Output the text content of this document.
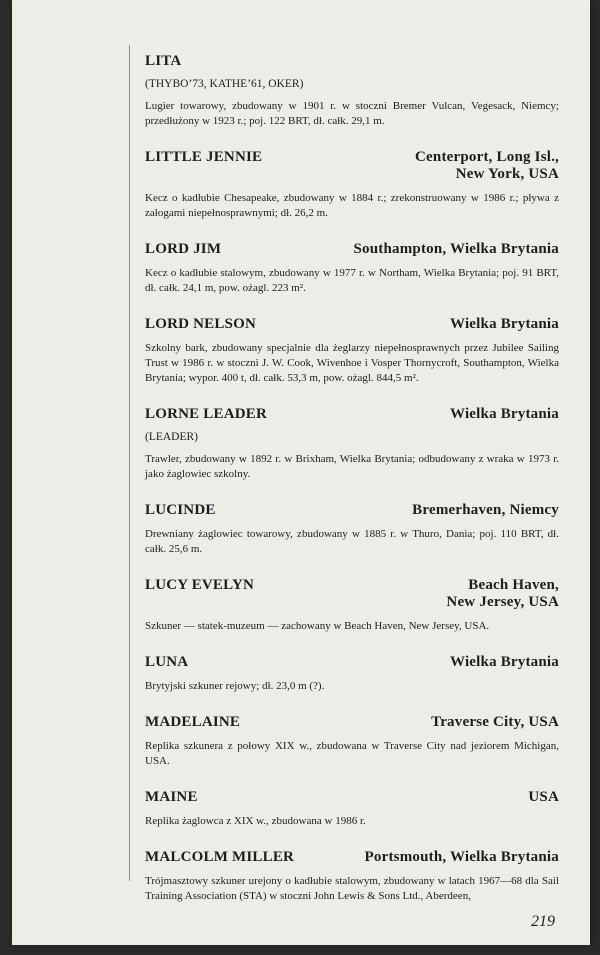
LITA
(THYBO’73, KATHE’61, OKER)
Lugier towarowy, zbudowany w 1901 r. w stoczni Bremer Vulcan, Vegesack, Niemcy; przedłużony w 1923 r.; poj. 122 BRT, dł. całk. 29,1 m.
LITTLE JENNIE	Centerport, Long Isl.,
New York, USA
Kecz o kadłubie Chesapeake, zbudowany w 1884 r.; zrekonstruowany w 1986 r.; pływa z załogami niepełnosprawnymi; dł. 26,2 m.
LORD JIM	Southampton, Wielka Brytania
Kecz o kadłubie stalowym, zbudowany w 1977 r. w Northam, Wielka Brytania; poj. 91 BRT, dł. całk. 24,1 m, pow. ożagl. 223 m².
LORD NELSON	Wielka Brytania
Szkolny bark, zbudowany specjalnie dla żeglarzy niepełnosprawnych przez Jubilee Sailing Trust w 1986 r. w stoczni J. W. Cook, Wivenhoe i Vosper Thornycroft, Southampton, Wielka Brytania; wypor. 400 t, dł. całk. 53,3 m, pow. ożagl. 844,5 m².
LORNE LEADER	Wielka Brytania
(LEADER)
Trawler, zbudowany w 1892 r. w Brixham, Wielka Brytania; odbudowany z wraka w 1973 r. jako żaglowiec szkolny.
LUCINDE	Bremerhaven, Niemcy
Drewniany żaglowiec towarowy, zbudowany w 1885 r. w Thuro, Dania; poj. 110 BRT, dł. całk. 25,6 m.
LUCY EVELYN	Beach Haven,
New Jersey, USA
Szkuner — statek-muzeum — zachowany w Beach Haven, New Jersey, USA.
LUNA	Wielka Brytania
Brytyjski szkuner rejowy; dł. 23,0 m (?).
MADELAINE	Traverse City, USA
Replika szkunera z połowy XIX w., zbudowana w Traverse City nad jeziorem Michigan, USA.
MAINE	USA
Replika żaglowca z XIX w., zbudowana w 1986 r.
MALCOLM MILLER	Portsmouth, Wielka Brytania
Trójmasztowy szkuner urejony o kadłubie stalowym, zbudowany w latach 1967—68 dla Sail Training Association (STA) w stoczni John Lewis & Sons Ltd., Aberdeen,
219
